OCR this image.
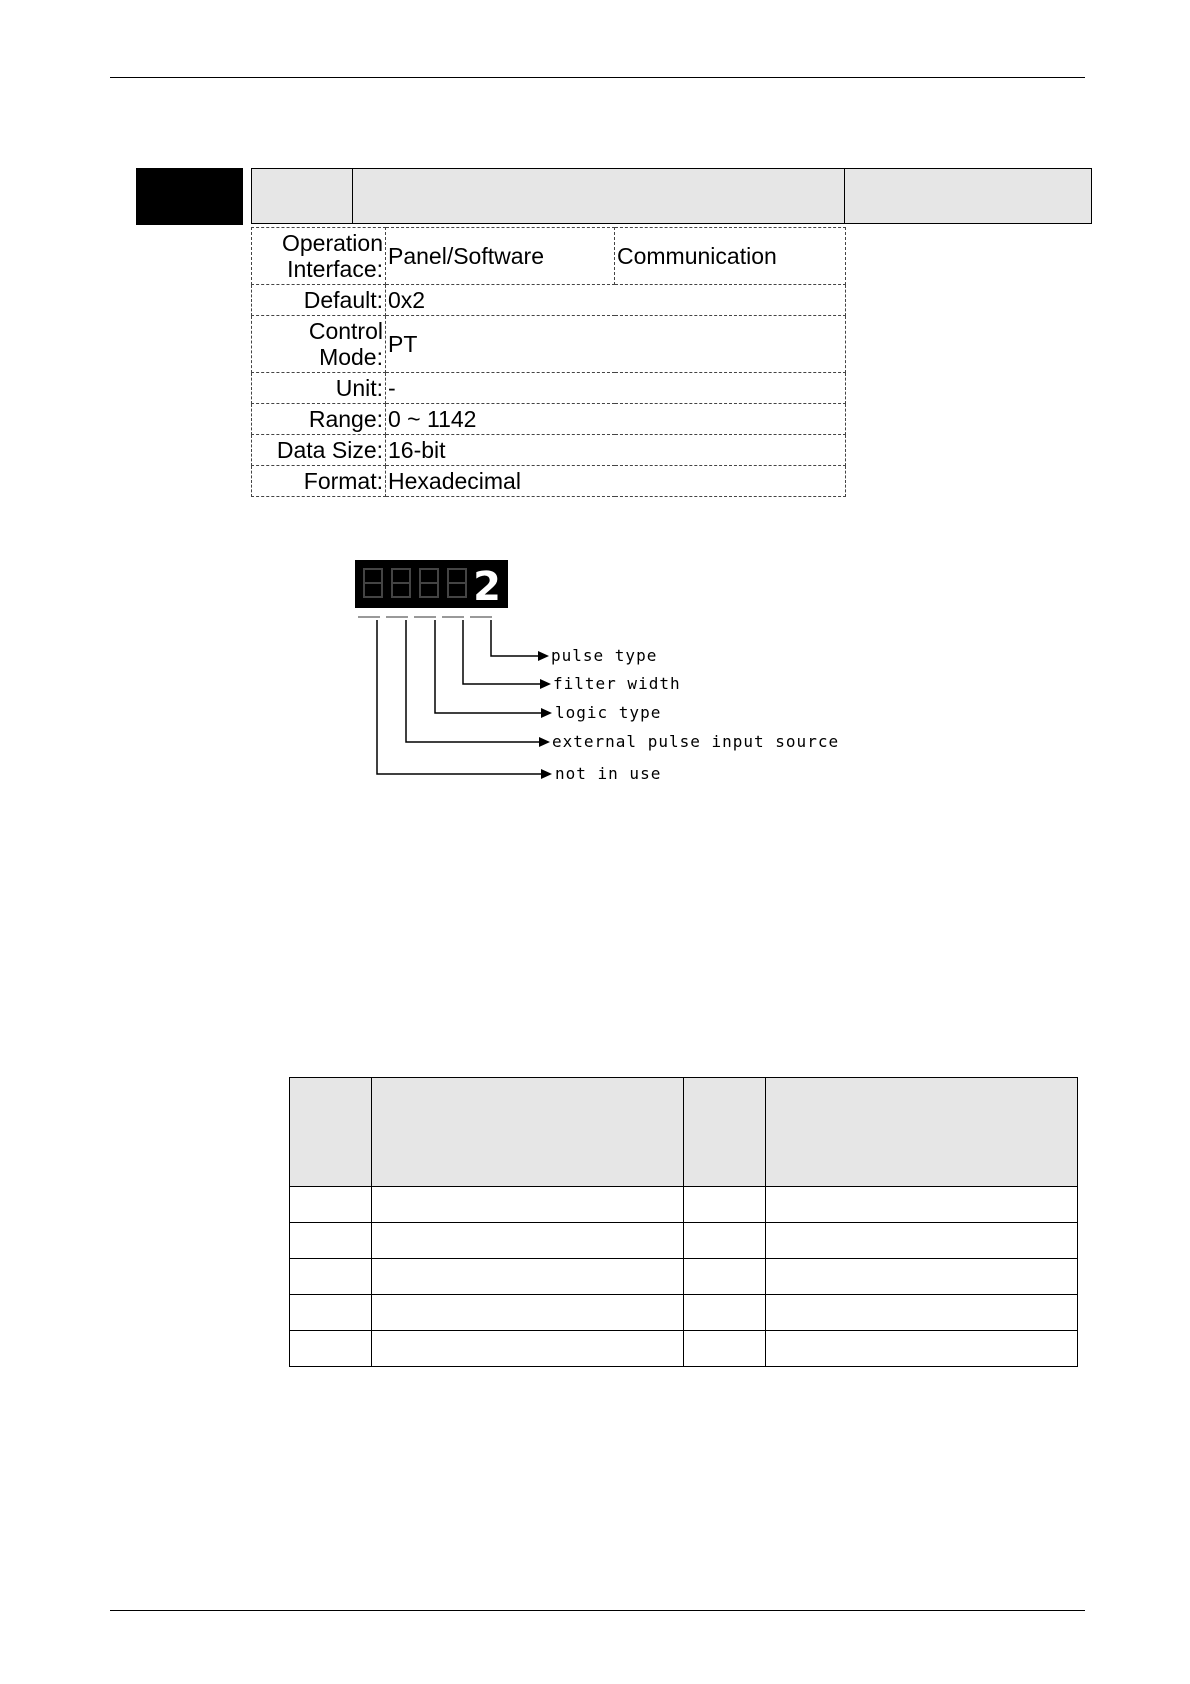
Operation Interface:	Panel/Software	Communication
Default:	0x2	
Control Mode:	PT	
Unit:	-	
Range:	0 ~ 1142	
Data Size:	16-bit	
Format:	Hexadecimal	
2
pulse type
filter width
logic type
external pulse input source
not in use
